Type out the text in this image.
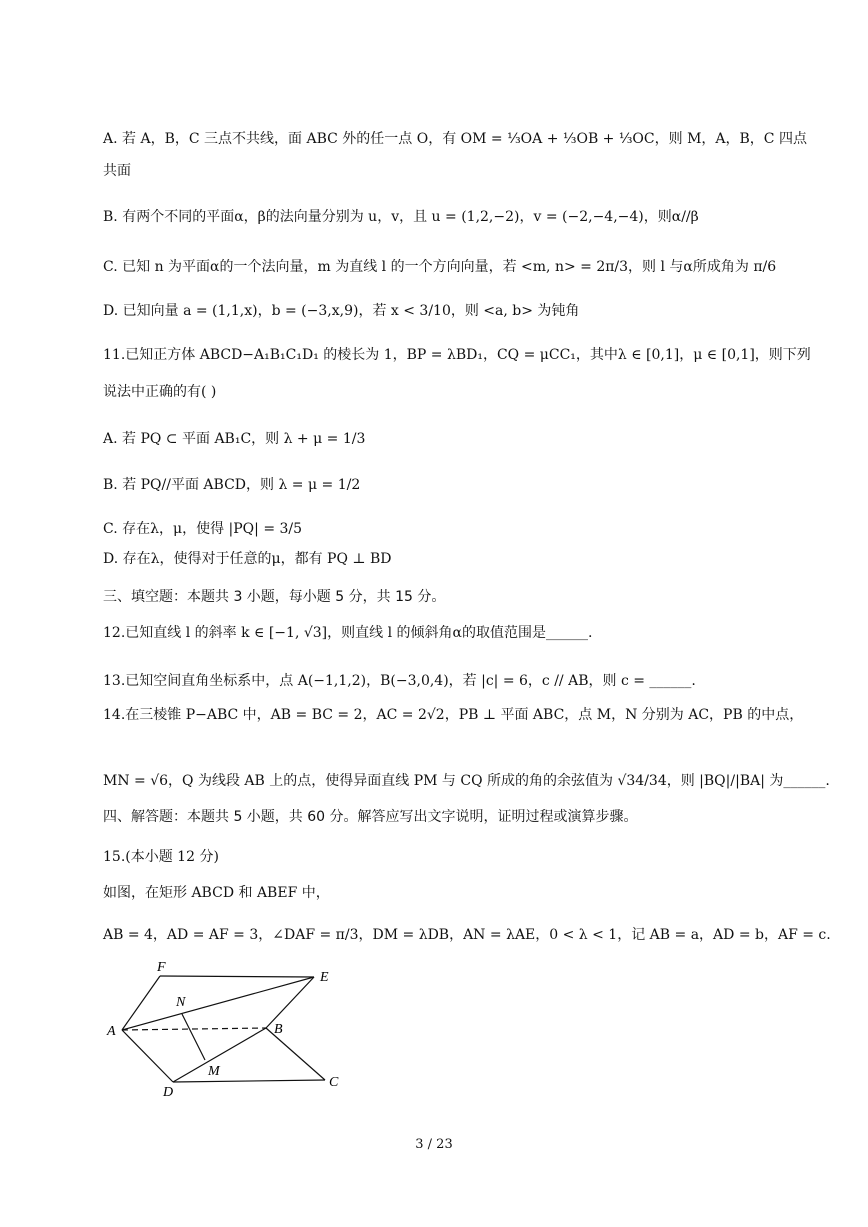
A. 若 A，B，C 三点不共线，面 ABC 外的任一点 O，有 OM = ⅓OA + ⅓OB + ⅓OC，则 M，A，B，C 四点
共面
B. 有两个不同的平面α，β的法向量分别为 u，v，且 u = (1,2,−2)，v = (−2,−4,−4)，则α//β
C. 已知 n 为平面α的一个法向量，m 为直线 l 的一个方向向量，若 <m, n> = 2π/3，则 l 与α所成角为 π/6
D. 已知向量 a = (1,1,x)，b = (−3,x,9)，若 x < 3/10，则 <a, b> 为钝角
11.已知正方体 ABCD−A₁B₁C₁D₁ 的棱长为 1，BP = λBD₁，CQ = μCC₁，其中λ ∈ [0,1]，μ ∈ [0,1]，则下列
说法中正确的有( )
A. 若 PQ ⊂ 平面 AB₁C，则 λ + μ = 1/3
B. 若 PQ//平面 ABCD，则 λ = μ = 1/2
C. 存在λ，μ，使得 |PQ| = 3/5
D. 存在λ，使得对于任意的μ，都有 PQ ⊥ BD
三、填空题：本题共 3 小题，每小题 5 分，共 15 分。
12.已知直线 l 的斜率 k ∈ [−1, √3]，则直线 l 的倾斜角α的取值范围是______.
13.已知空间直角坐标系中，点 A(−1,1,2)，B(−3,0,4)，若 |c| = 6，c // AB，则 c = ______.
14.在三棱锥 P−ABC 中，AB = BC = 2，AC = 2√2，PB ⊥ 平面 ABC，点 M，N 分别为 AC，PB 的中点，
MN = √6，Q 为线段 AB 上的点，使得异面直线 PM 与 CQ 所成的角的余弦值为 √34/34，则 |BQ|/|BA| 为______.
四、解答题：本题共 5 小题，共 60 分。解答应写出文字说明，证明过程或演算步骤。
15.(本小题 12 分)
如图，在矩形 ABCD 和 ABEF 中，
AB = 4，AD = AF = 3，∠DAF = π/3，DM = λDB，AN = λAE，0 < λ < 1，记 AB = a，AD = b，AF = c.
F
E
N
A	B
M
D
C
3 / 23
